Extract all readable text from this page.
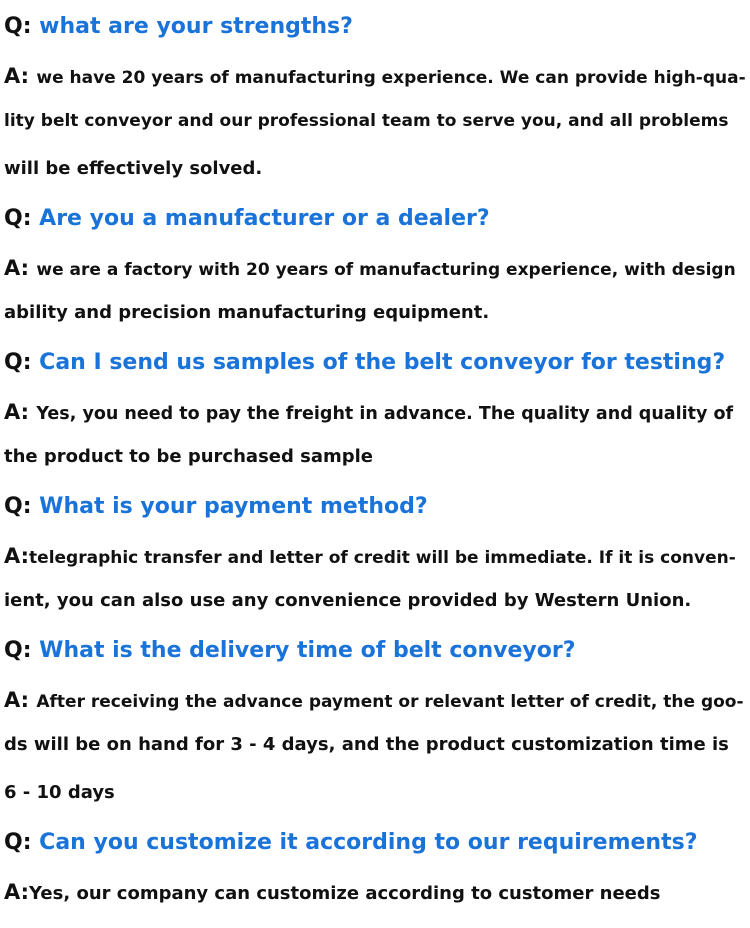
Q: what are your strengths?
A: we have 20 years of manufacturing experience. We can provide high-qua-
lity belt conveyor and our professional team to serve you, and all problems
will be effectively solved.
Q: Are you a manufacturer or a dealer?
A: we are a factory with 20 years of manufacturing experience, with design
ability and precision manufacturing equipment.
Q: Can I send us samples of the belt conveyor for testing?
A: Yes, you need to pay the freight in advance. The quality and quality of
the product to be purchased sample
Q: What is your payment method?
A:telegraphic transfer and letter of credit will be immediate. If it is conven-
ient, you can also use any convenience provided by Western Union.
Q: What is the delivery time of belt conveyor?
A: After receiving the advance payment or relevant letter of credit, the goo-
ds will be on hand for 3 - 4 days, and the product customization time is
6 - 10 days
Q: Can you customize it according to our requirements?
A:Yes, our company can customize according to customer needs
